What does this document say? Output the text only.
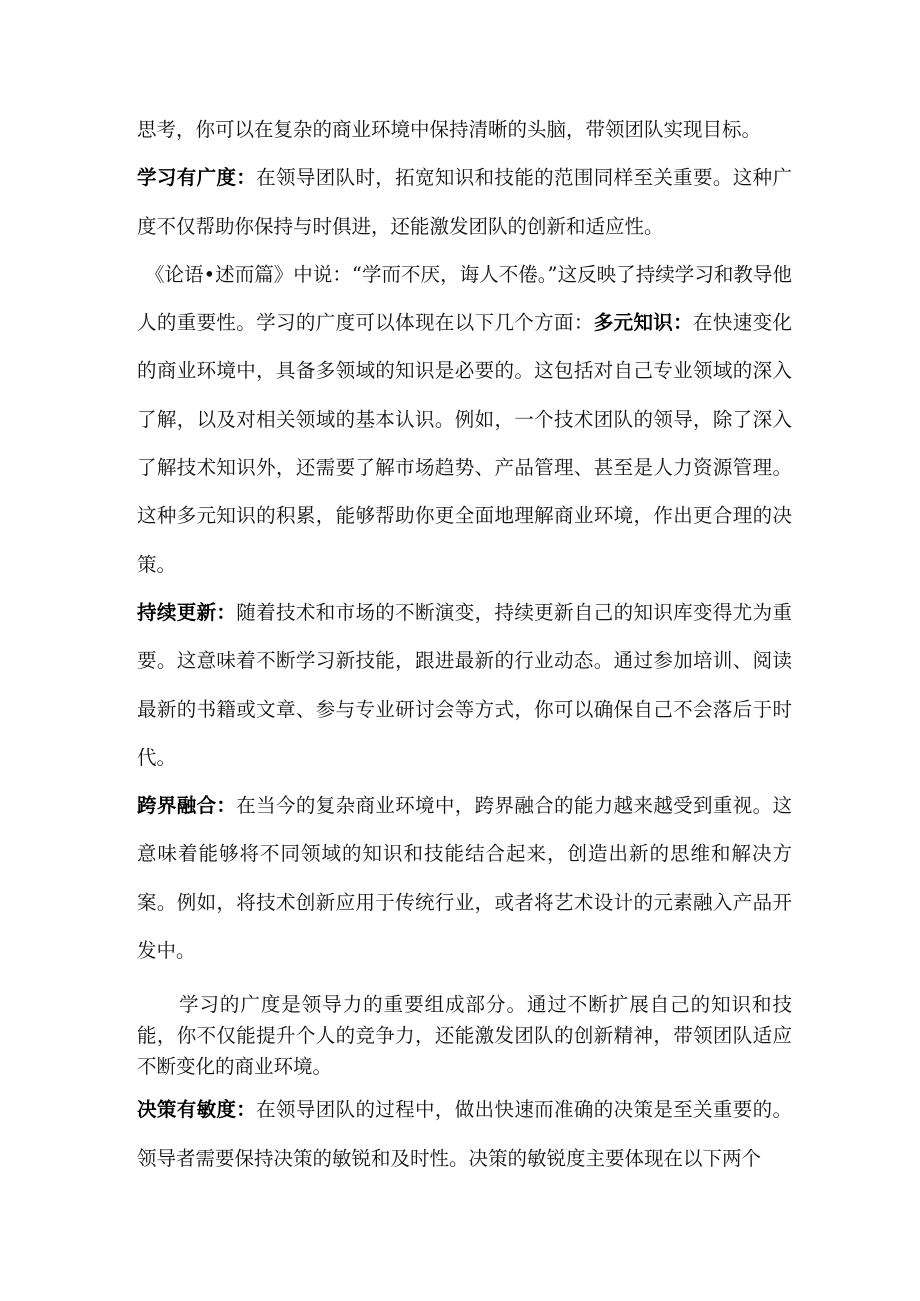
思考，你可以在复杂的商业环境中保持清晰的头脑，带领团队实现目标。

学习有广度：在领导团队时，拓宽知识和技能的范围同样至关重要。这种广度不仅帮助你保持与时俱进，还能激发团队的创新和适应性。

《论语•述而篇》中说：“学而不厌，诲人不倦。”这反映了持续学习和教导他人的重要性。学习的广度可以体现在以下几个方面：多元知识：在快速变化的商业环境中，具备多领域的知识是必要的。这包括对自己专业领域的深入了解，以及对相关领域的基本认识。例如，一个技术团队的领导，除了深入了解技术知识外，还需要了解市场趋势、产品管理、甚至是人力资源管理。这种多元知识的积累，能够帮助你更全面地理解商业环境，作出更合理的决策。

持续更新：随着技术和市场的不断演变，持续更新自己的知识库变得尤为重要。这意味着不断学习新技能，跟进最新的行业动态。通过参加培训、阅读最新的书籍或文章、参与专业研讨会等方式，你可以确保自己不会落后于时代。

跨界融合：在当今的复杂商业环境中，跨界融合的能力越来越受到重视。这意味着能够将不同领域的知识和技能结合起来，创造出新的思维和解决方案。例如，将技术创新应用于传统行业，或者将艺术设计的元素融入产品开发中。

学习的广度是领导力的重要组成部分。通过不断扩展自己的知识和技能，你不仅能提升个人的竞争力，还能激发团队的创新精神，带领团队适应不断变化的商业环境。

决策有敏度：在领导团队的过程中，做出快速而准确的决策是至关重要的。领导者需要保持决策的敏锐和及时性。决策的敏锐度主要体现在以下两个
